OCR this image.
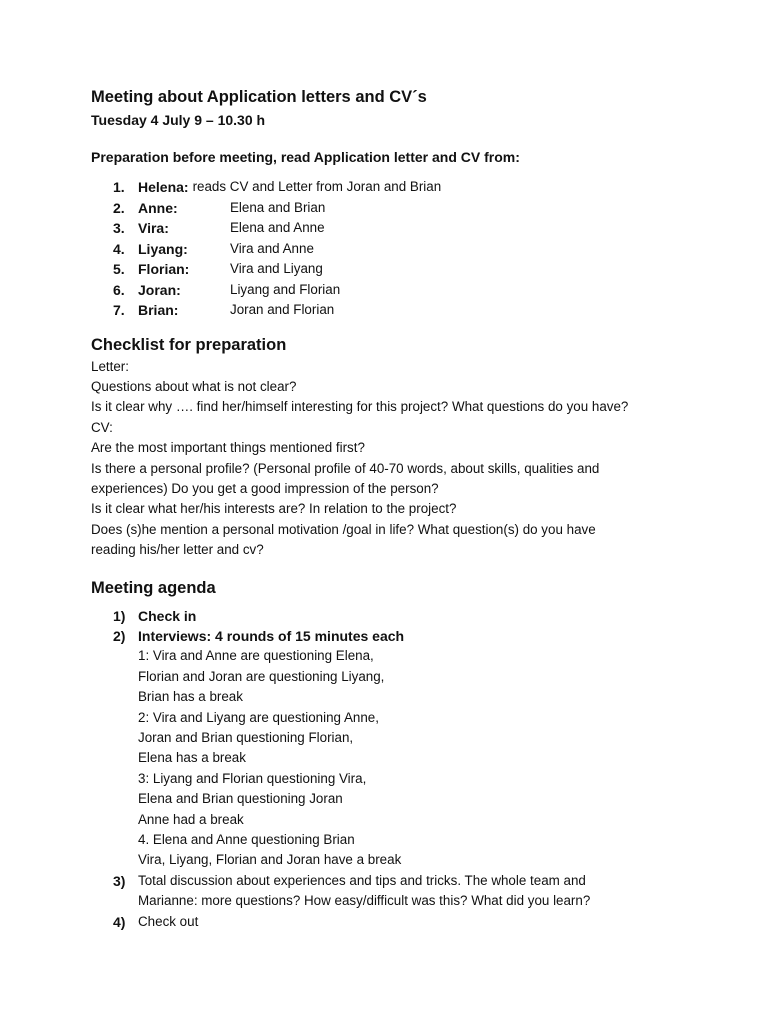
Meeting about Application letters and CV´s
Tuesday 4 July 9 – 10.30 h
Preparation before meeting, read Application letter and CV from:
1. Helena: reads CV and Letter from Joran and Brian
2. Anne:	Elena and Brian
3. Vira:	Elena and Anne
4. Liyang:	Vira and Anne
5. Florian:	Vira and Liyang
6. Joran:	Liyang and Florian
7. Brian:	Joran and Florian
Checklist for preparation
Letter:
Questions about what is not clear?
Is it clear why …. find her/himself interesting for this project? What questions do you have?
CV:
Are the most important things mentioned first?
Is there a personal profile? (Personal profile of 40-70 words, about skills, qualities and
experiences) Do you get a good impression of the person?
Is it clear what her/his interests are? In relation to the project?
Does (s)he mention a personal motivation /goal in life? What question(s) do you have
reading his/her letter and cv?
Meeting agenda
1) Check in
2) Interviews: 4 rounds of 15 minutes each
1: Vira and Anne are questioning Elena,
Florian and Joran are questioning Liyang,
Brian has a break
2: Vira and Liyang are questioning Anne,
Joran and Brian questioning Florian,
Elena has a break
3: Liyang and Florian questioning Vira,
Elena and Brian questioning Joran
Anne had a break
4. Elena and Anne questioning Brian
Vira, Liyang, Florian and Joran have a break
3) Total discussion about experiences and tips and tricks. The whole team and
Marianne: more questions? How easy/difficult was this? What did you learn?
4) Check out
